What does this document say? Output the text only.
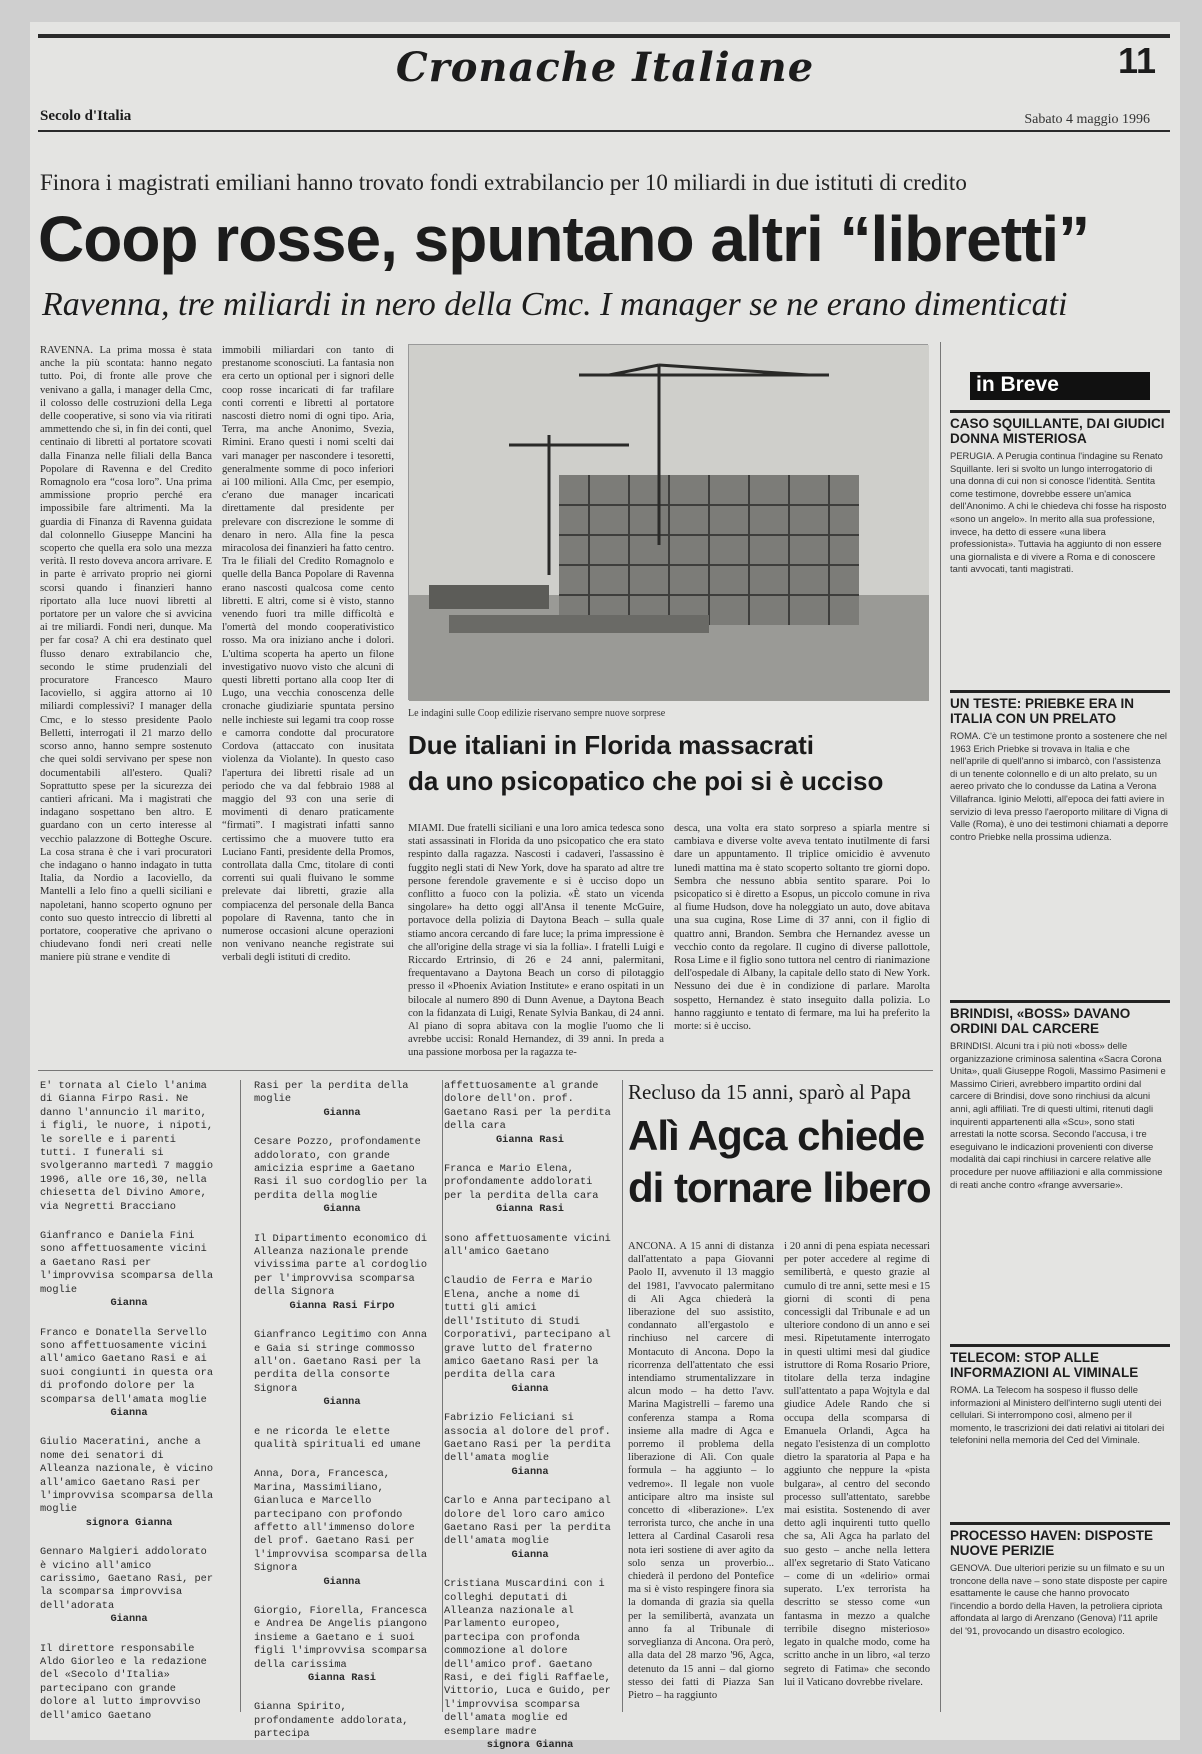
Cronache Italiane	11
Secolo d'Italia	Sabato 4 maggio 1996
Finora i magistrati emiliani hanno trovato fondi extrabilancio per 10 miliardi in due istituti di credito
Coop rosse, spuntano altri “libretti”
Ravenna, tre miliardi in nero della Cmc. I manager se ne erano dimenticati
RAVENNA. La prima mossa è stata anche la più scontata: hanno negato tutto. Poi, di fronte alle prove che venivano a galla, i manager della Cmc, il colosso delle costruzioni della Lega delle cooperative, si sono via via ritirati ammettendo che sì, in fin dei conti, quel centinaio di libretti al portatore scovati dalla Finanza nelle filiali della Banca Popolare di Ravenna e del Credito Romagnolo era “cosa loro”. Una prima ammissione proprio perché era impossibile fare altrimenti. Ma la guardia di Finanza di Ravenna guidata dal colonnello Giuseppe Mancini ha scoperto che quella era solo una mezza verità. Il resto doveva ancora arrivare. E in parte è arrivato proprio nei giorni scorsi quando i finanzieri hanno riportato alla luce nuovi libretti al portatore per un valore che si avvicina ai tre miliardi. Fondi neri, dunque. Ma per far cosa? A chi era destinato quel flusso denaro extrabilancio che, secondo le stime prudenziali del procuratore Francesco Mauro Iacoviello, si aggira attorno ai 10 miliardi complessivi? I manager della Cmc, e lo stesso presidente Paolo Belletti, interrogati il 21 marzo dello scorso anno, hanno sempre sostenuto che quei soldi servivano per spese non documentabili all'estero. Quali? Soprattutto spese per la sicurezza dei cantieri africani. Ma i magistrati che indagano sospettano ben altro. E guardano con un certo interesse al vecchio palazzone di Botteghe Oscure. La cosa strana è che i vari procuratori che indagano o hanno indagato in tutta Italia, da Nordio a Iacoviello, da Mantelli a Ielo fino a quelli siciliani e napoletani, hanno scoperto ognuno per conto suo questo intreccio di libretti al portatore, cooperative che aprivano o chiudevano fondi neri creati nelle maniere più strane e vendite di
immobili miliardari con tanto di prestanome sconosciuti. La fantasia non era certo un optional per i signori delle coop rosse incaricati di far trafilare conti correnti e libretti al portatore nascosti dietro nomi di ogni tipo. Aria, Terra, ma anche Anonimo, Svezia, Rimini. Erano questi i nomi scelti dai vari manager per nascondere i tesoretti, generalmente somme di poco inferiori ai 100 milioni. Alla Cmc, per esempio, c'erano due manager incaricati direttamente dal presidente per prelevare con discrezione le somme di denaro in nero. Alla fine la pesca miracolosa dei finanzieri ha fatto centro. Tra le filiali del Credito Romagnolo e quelle della Banca Popolare di Ravenna erano nascosti qualcosa come cento libretti. E altri, come si è visto, stanno venendo fuori tra mille difficoltà e l'omertà del mondo cooperativistico rosso. Ma ora iniziano anche i dolori. L'ultima scoperta ha aperto un filone investigativo nuovo visto che alcuni di questi libretti portano alla coop Iter di Lugo, una vecchia conoscenza delle cronache giudiziarie spuntata persino nelle inchieste sui legami tra coop rosse e camorra condotte dal procuratore Cordova (attaccato con inusitata violenza da Violante). In questo caso l'apertura dei libretti risale ad un periodo che va dal febbraio 1988 al maggio del 93 con una serie di movimenti di denaro praticamente “firmati”. I magistrati infatti sanno certissimo che a muovere tutto era Luciano Fanti, presidente della Promos, controllata dalla Cmc, titolare di conti correnti sui quali fluivano le somme prelevate dai libretti, grazie alla compiacenza del personale della Banca popolare di Ravenna, tanto che in numerose occasioni alcune operazioni non venivano neanche registrate sui verbali degli istituti di credito.
Le indagini sulle Coop edilizie riservano sempre nuove sorprese
Due italiani in Florida massacrati
da uno psicopatico che poi si è ucciso
MIAMI. Due fratelli siciliani e una loro amica tedesca sono stati assassinati in Florida da uno psicopatico che era stato respinto dalla ragazza. Nascosti i cadaveri, l'assassino è fuggito negli stati di New York, dove ha sparato ad altre tre persone ferendole gravemente e si è ucciso dopo un conflitto a fuoco con la polizia. «È stato un vicenda singolare» ha detto oggi all'Ansa il tenente McGuire, portavoce della polizia di Daytona Beach – sulla quale stiamo ancora cercando di fare luce; la prima impressione è che all'origine della strage vi sia la follia». I fratelli Luigi e Riccardo Ertrinsio, di 26 e 24 anni, palermitani, frequentavano a Daytona Beach un corso di pilotaggio presso il «Phoenix Aviation Institute» e erano ospitati in un bilocale al numero 890 di Dunn Avenue, a Daytona Beach con la fidanzata di Luigi, Renate Sylvia Bankau, di 24 anni. Al piano di sopra abitava con la moglie l'uomo che li avrebbe uccisi: Ronald Hernandez, di 39 anni. In preda a una passione morbosa per la ragazza te-
desca, una volta era stato sorpreso a spiarla mentre si cambiava e diverse volte aveva tentato inutilmente di farsi dare un appuntamento. Il triplice omicidio è avvenuto lunedì mattina ma è stato scoperto soltanto tre giorni dopo. Sembra che nessuno abbia sentito sparare. Poi lo psicopatico si è diretto a Esopus, un piccolo comune in riva al fiume Hudson, dove ha noleggiato un auto, dove abitava una sua cugina, Rose Lime di 37 anni, con il figlio di quattro anni, Brandon. Sembra che Hernandez avesse un vecchio conto da regolare. Il cugino di diverse pallottole, Rosa Lime e il figlio sono tuttora nel centro di rianimazione dell'ospedale di Albany, la capitale dello stato di New York. Nessuno dei due è in condizione di parlare. Marolta sospetto, Hernandez è stato inseguito dalla polizia. Lo hanno raggiunto e tentato di fermare, ma lui ha preferito la morte: si è ucciso.
in Breve
CASO SQUILLANTE, DAI GIUDICI DONNA MISTERIOSA
PERUGIA. A Perugia continua l'indagine su Renato Squillante. Ieri si svolto un lungo interrogatorio di una donna di cui non si conosce l'identità. Sentita come testimone, dovrebbe essere un'amica dell'Anonimo. A chi le chiedeva chi fosse ha risposto «sono un angelo». In merito alla sua professione, invece, ha detto di essere «una libera professionista». Tuttavia ha aggiunto di non essere una giornalista e di vivere a Roma e di conoscere tanti avvocati, tanti magistrati.
UN TESTE: PRIEBKE ERA IN ITALIA CON UN PRELATO
ROMA. C'è un testimone pronto a sostenere che nel 1963 Erich Priebke si trovava in Italia e che nell'aprile di quell'anno si imbarcò, con l'assistenza di un tenente colonnello e di un alto prelato, su un aereo privato che lo condusse da Latina a Verona Villafranca. Iginio Melotti, all'epoca dei fatti aviere in servizio di leva presso l'aeroporto militare di Vigna di Valle (Roma), è uno dei testimoni chiamati a deporre contro Priebke nella prossima udienza.
BRINDISI, «BOSS» DAVANO ORDINI DAL CARCERE
BRINDISI. Alcuni tra i più noti «boss» delle organizzazione criminosa salentina «Sacra Corona Unita», quali Giuseppe Rogoli, Massimo Pasimeni e Massimo Cirieri, avrebbero impartito ordini dal carcere di Brindisi, dove sono rinchiusi da alcuni anni, agli affiliati. Tre di questi ultimi, ritenuti dagli inquirenti appartenenti alla «Scu», sono stati arrestati la notte scorsa. Secondo l'accusa, i tre eseguivano le indicazioni provenienti con diverse modalità dai capi rinchiusi in carcere relative alle procedure per nuove affiliazioni e alla commissione di reati anche contro «frange avversarie».
TELECOM: STOP ALLE INFORMAZIONI AL VIMINALE
ROMA. La Telecom ha sospeso il flusso delle informazioni al Ministero dell'interno sugli utenti dei cellulari. Si interrompono così, almeno per il momento, le trascrizioni dei dati relativi ai titolari dei telefonini nella memoria del Ced del Viminale.
PROCESSO HAVEN: DISPOSTE NUOVE PERIZIE
GENOVA. Due ulteriori perizie su un filmato e su un troncone della nave – sono state disposte per capire esattamente le cause che hanno provocato l'incendio a bordo della Haven, la petroliera cipriota affondata al largo di Arenzano (Genova) l'11 aprile del '91, provocando un disastro ecologico.
E' tornata al Cielo l'anima di Gianna Firpo Rasi. Ne danno l'annuncio il marito, i figli, le nuore, i nipoti, le sorelle e i parenti tutti. I funerali si svolgeranno martedì 7 maggio 1996, alle ore 16,30, nella chiesetta del Divino Amore, via Negretti Bracciano
Gianfranco e Daniela Fini sono affettuosamente vicini a Gaetano Rasi per l'improvvisa scomparsa della moglie
Gianna
Franco e Donatella Servello sono affettuosamente vicini all'amico Gaetano Rasi e ai suoi congiunti in questa ora di profondo dolore per la scomparsa dell'amata moglie
Gianna
Giulio Maceratini, anche a nome dei senatori di Alleanza nazionale, è vicino all'amico Gaetano Rasi per l'improvvisa scomparsa della moglie
signora Gianna
Gennaro Malgieri addolorato è vicino all'amico carissimo, Gaetano Rasi, per la scomparsa improvvisa dell'adorata
Gianna
Il direttore responsabile Aldo Giorleo e la redazione del «Secolo d'Italia» partecipano con grande dolore al lutto improvviso dell'amico Gaetano
Rasi per la perdita della moglie
Gianna
Cesare Pozzo, profondamente addolorato, con grande amicizia esprime a Gaetano Rasi il suo cordoglio per la perdita della moglie
Gianna
Il Dipartimento economico di Alleanza nazionale prende vivissima parte al cordoglio per l'improvvisa scomparsa della Signora
Gianna Rasi Firpo
Gianfranco Legitimo con Anna e Gaia si stringe commosso all'on. Gaetano Rasi per la perdita della consorte Signora
Gianna
e ne ricorda le elette qualità spirituali ed umane
Anna, Dora, Francesca, Marina, Massimiliano, Gianluca e Marcello partecipano con profondo affetto all'immenso dolore del prof. Gaetano Rasi per l'improvvisa scomparsa della Signora
Gianna
Giorgio, Fiorella, Francesca e Andrea De Angelis piangono insieme a Gaetano e i suoi figli l'improvvisa scomparsa della carissima
Gianna Rasi
Gianna Spirito, profondamente addolorata, partecipa
affettuosamente al grande dolore dell'on. prof. Gaetano Rasi per la perdita della cara
Gianna Rasi
Franca e Mario Elena, profondamente addolorati per la perdita della cara
Gianna Rasi
sono affettuosamente vicini all'amico Gaetano
Claudio de Ferra e Mario Elena, anche a nome di tutti gli amici dell'Istituto di Studi Corporativi, partecipano al grave lutto del fraterno amico Gaetano Rasi per la perdita della cara
Gianna
Fabrizio Feliciani si associa al dolore del prof. Gaetano Rasi per la perdita dell'amata moglie
Gianna
Carlo e Anna partecipano al dolore del loro caro amico Gaetano Rasi per la perdita dell'amata moglie
Gianna
Cristiana Muscardini con i colleghi deputati di Alleanza nazionale al Parlamento europeo, partecipa con profonda commozione al dolore dell'amico prof. Gaetano Rasi, e dei figli Raffaele, Vittorio, Luca e Guido, per l'improvvisa scomparsa dell'amata moglie ed esemplare madre
signora Gianna
Recluso da 15 anni, sparò al Papa
Alì Agca chiede
di tornare libero
ANCONA. A 15 anni di distanza dall'attentato a papa Giovanni Paolo II, avvenuto il 13 maggio del 1981, l'avvocato palermitano di Alì Agca chiederà la liberazione del suo assistito, condannato all'ergastolo e rinchiuso nel carcere di Montacuto di Ancona. Dopo la ricorrenza dell'attentato che essi intendiamo strumentalizzare in alcun modo – ha detto l'avv. Marina Magistrelli – faremo una conferenza stampa a Roma insieme alla madre di Agca e porremo il problema della liberazione di Alì. Con quale formula – ha aggiunto – lo vedremo». Il legale non vuole anticipare altro ma insiste sul concetto di «liberazione». L'ex terrorista turco, che anche in una lettera al Cardinal Casaroli resa nota ieri sostiene di aver agito da solo senza un proverbio... chiederà il perdono del Pontefice ma si è visto respingere finora sia la domanda di grazia sia quella per la semilibertà, avanzata un anno fa al Tribunale di sorveglianza di Ancona. Ora però, alla data del 28 marzo '96, Agca, detenuto da 15 anni – dal giorno stesso dei fatti di Piazza San Pietro – ha raggiunto
i 20 anni di pena espiata necessari per poter accedere al regime di semilibertà, e questo grazie al cumulo di tre anni, sette mesi e 15 giorni di sconti di pena concessigli dal Tribunale e ad un ulteriore condono di un anno e sei mesi. Ripetutamente interrogato in questi ultimi mesi dal giudice istruttore di Roma Rosario Priore, titolare della terza indagine sull'attentato a papa Wojtyla e dal giudice Adele Rando che si occupa della scomparsa di Emanuela Orlandi, Agca ha negato l'esistenza di un complotto dietro la sparatoria al Papa e ha aggiunto che neppure la «pista bulgara», al centro del secondo processo sull'attentato, sarebbe mai esistita. Sostenendo di aver detto agli inquirenti tutto quello che sa, Alì Agca ha parlato del suo gesto – anche nella lettera all'ex segretario di Stato Vaticano – come di un «delirio» ormai superato. L'ex terrorista ha descritto se stesso come «un fantasma in mezzo a qualche terribile disegno misterioso» legato in qualche modo, come ha scritto anche in un libro, «al terzo segreto di Fatima» che secondo lui il Vaticano dovrebbe rivelare.
